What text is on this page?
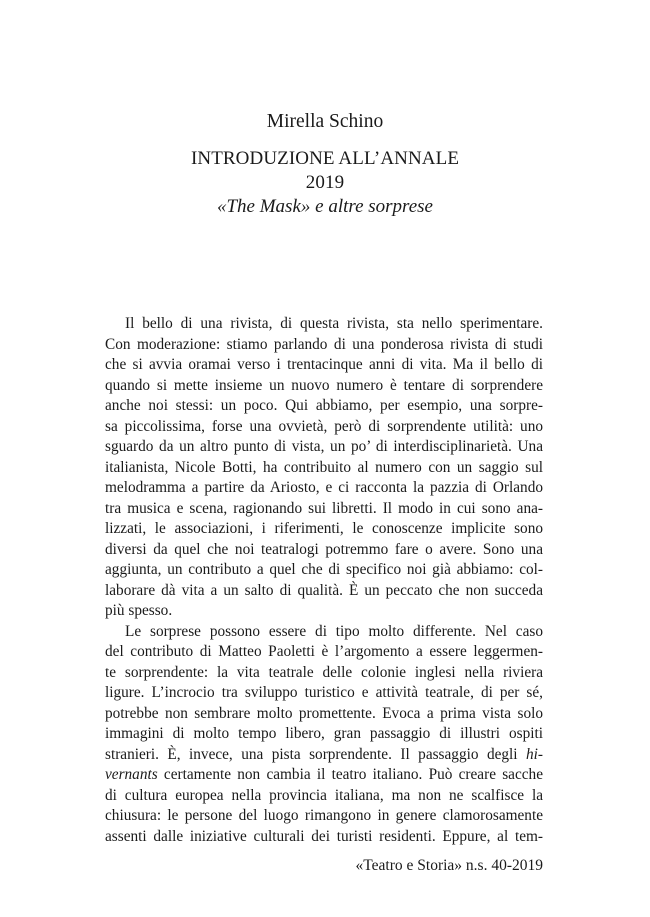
Mirella Schino
INTRODUZIONE ALL’ANNALE
2019
«The Mask» e altre sorprese
Il bello di una rivista, di questa rivista, sta nello sperimentare.
Con moderazione: stiamo parlando di una ponderosa rivista di studi
che si avvia oramai verso i trentacinque anni di vita. Ma il bello di
quando si mette insieme un nuovo numero è tentare di sorprendere
anche noi stessi: un poco. Qui abbiamo, per esempio, una sorpre-
sa piccolissima, forse una ovvietà, però di sorprendente utilità: uno
sguardo da un altro punto di vista, un po’ di interdisciplinarietà. Una
italianista, Nicole Botti, ha contribuito al numero con un saggio sul
melodramma a partire da Ariosto, e ci racconta la pazzia di Orlando
tra musica e scena, ragionando sui libretti. Il modo in cui sono ana-
lizzati, le associazioni, i riferimenti, le conoscenze implicite sono
diversi da quel che noi teatralogi potremmo fare o avere. Sono una
aggiunta, un contributo a quel che di specifico noi già abbiamo: col-
laborare dà vita a un salto di qualità. È un peccato che non succeda
più spesso.
Le sorprese possono essere di tipo molto differente. Nel caso
del contributo di Matteo Paoletti è l’argomento a essere leggermen-
te sorprendente: la vita teatrale delle colonie inglesi nella riviera
ligure. L’incrocio tra sviluppo turistico e attività teatrale, di per sé,
potrebbe non sembrare molto promettente. Evoca a prima vista solo
immagini di molto tempo libero, gran passaggio di illustri ospiti
stranieri. È, invece, una pista sorprendente. Il passaggio degli hi-
vernants certamente non cambia il teatro italiano. Può creare sacche
di cultura europea nella provincia italiana, ma non ne scalfisce la
chiusura: le persone del luogo rimangono in genere clamorosamente
assenti dalle iniziative culturali dei turisti residenti. Eppure, al tem-
«Teatro e Storia» n.s. 40-2019
